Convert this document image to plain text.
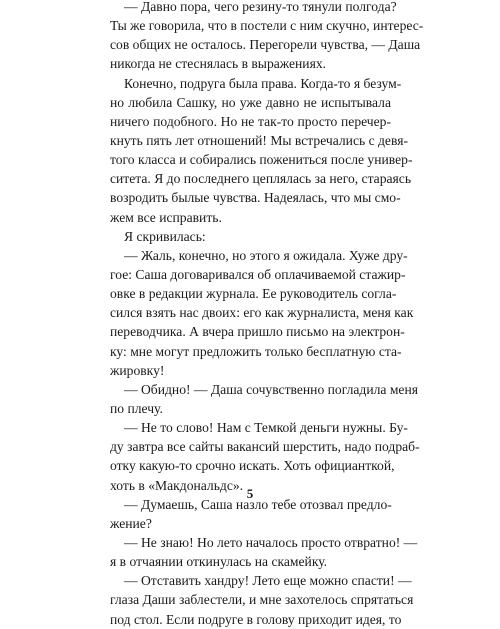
— Давно пора, чего резину-то тянули полгода?
Ты же говорила, что в постели с ним скучно, интерес-
сов общих не осталось. Перегорели чувства, — Даша
никогда не стеснялась в выражениях.
Конечно, подруга была права. Когда-то я безум-
но любила Сашку, но уже давно не испытывала
ничего подобного. Но не так-то просто перечер-
кнуть пять лет отношений! Мы встречались с девя-
того класса и собирались пожениться после универ-
ситета. Я до последнего цеплялась за него, стараясь
возродить былые чувства. Надеялась, что мы смо-
жем все исправить.
Я скривилась:
— Жаль, конечно, но этого я ожидала. Хуже дру-
гое: Саша договаривался об оплачиваемой стажир-
овке в редакции журнала. Ее руководитель согла-
сился взять нас двоих: его как журналиста, меня как
переводчика. А вчера пришло письмо на электрон-
ку: мне могут предложить только бесплатную ста-
жировку!
— Обидно! — Даша сочувственно погладила меня
по плечу.
— Не то слово! Нам с Темкой деньги нужны. Бу-
ду завтра все сайты вакансий шерстить, надо подраб-
отку какую-то срочно искать. Хоть официанткой,
хоть в «Макдональдс».
— Думаешь, Саша назло тебе отозвал предло-
жение?
— Не знаю! Но лето началось просто отвратно! —
я в отчаянии откинулась на скамейку.
— Отставить хандру! Лето еще можно спасти! —
глаза Даши заблестели, и мне захотелось спрятаться
под стол. Если подруге в голову приходит идея, то
5
